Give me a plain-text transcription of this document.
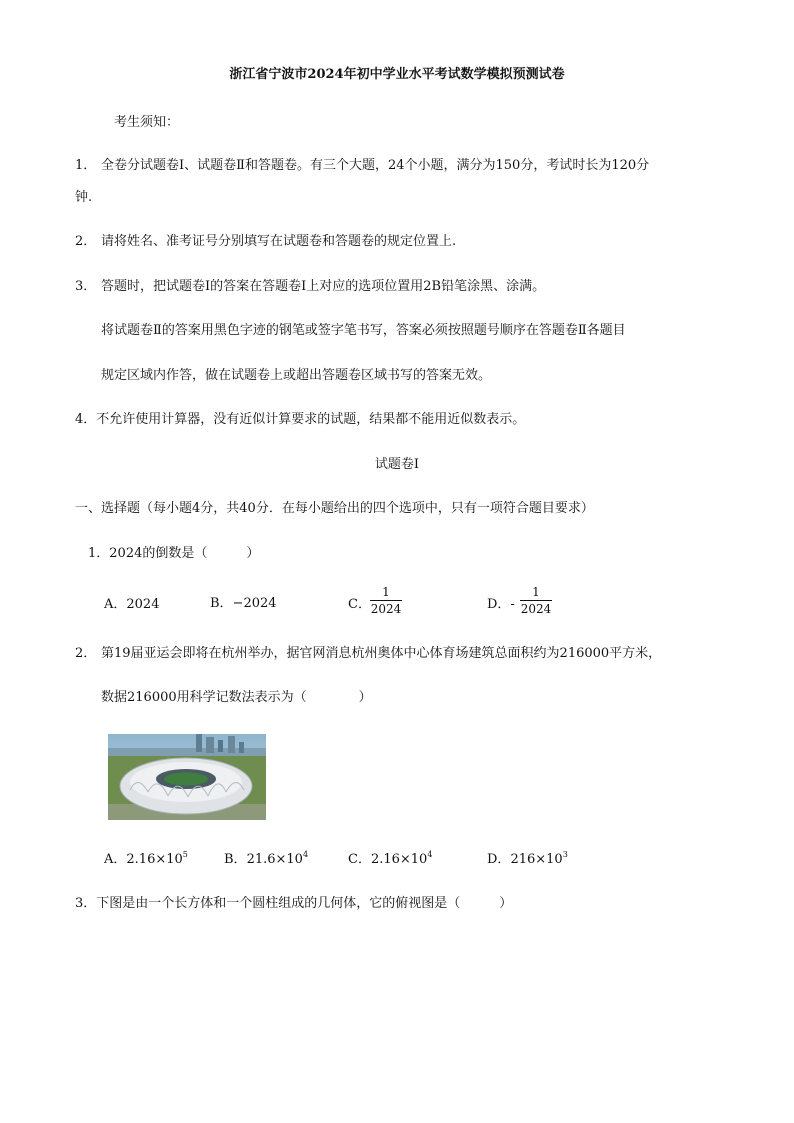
浙江省宁波市2024年初中学业水平考试数学模拟预测试卷
考生须知：
1． 全卷分试题卷Ⅰ、试题卷Ⅱ和答题卷。有三个大题，24个小题，满分为150分，考试时长为120分
钟.
2． 请将姓名、准考证号分别填写在试题卷和答题卷的规定位置上.
3． 答题时，把试题卷Ⅰ的答案在答题卷Ⅰ上对应的选项位置用2B铅笔涂黑、涂满。
将试题卷Ⅱ的答案用黑色字迹的钢笔或签字笔书写，答案必须按照题号顺序在答题卷Ⅱ各题目
规定区域内作答，做在试题卷上或超出答题卷区域书写的答案无效。
4．不允许使用计算器，没有近似计算要求的试题，结果都不能用近似数表示。
试题卷Ⅰ
一、选择题（每小题4分，共40分．在每小题给出的四个选项中，只有一项符合题目要求）
1．2024的倒数是（　　　）
A．2024	B．−2024	C．
1
2024	D．-
1
2024
2． 第19届亚运会即将在杭州举办，据官网消息杭州奥体中心体育场建筑总面积约为216000平方米，
数据216000用科学记数法表示为（　　　　）
A．$2.16\times 10^5$	B．$21.6\times 10^4$	C．$2.16\times 10^4$	D．$216\times 10^3$
3．下图是由一个长方体和一个圆柱组成的几何体，它的俯视图是（　　　）
